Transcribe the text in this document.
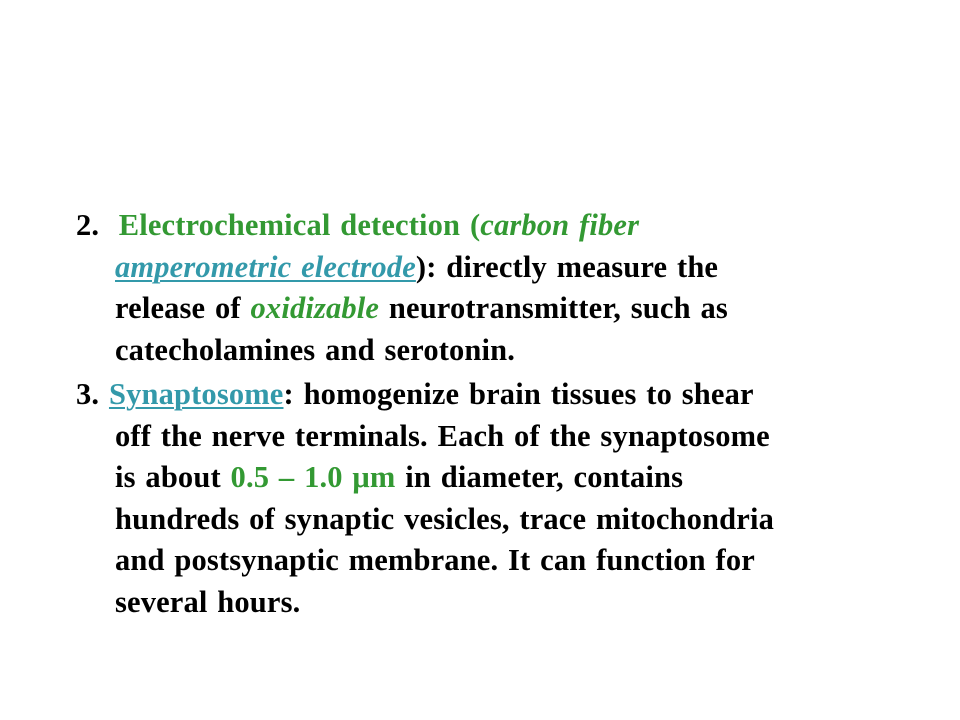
2. Electrochemical detection (carbon fiber
amperometric electrode): directly measure the
release of oxidizable neurotransmitter, such as
catecholamines and serotonin.
3. Synaptosome: homogenize brain tissues to shear
off the nerve terminals. Each of the synaptosome
is about 0.5 – 1.0 μm in diameter, contains
hundreds of synaptic vesicles, trace mitochondria
and postsynaptic membrane. It can function for
several hours.
